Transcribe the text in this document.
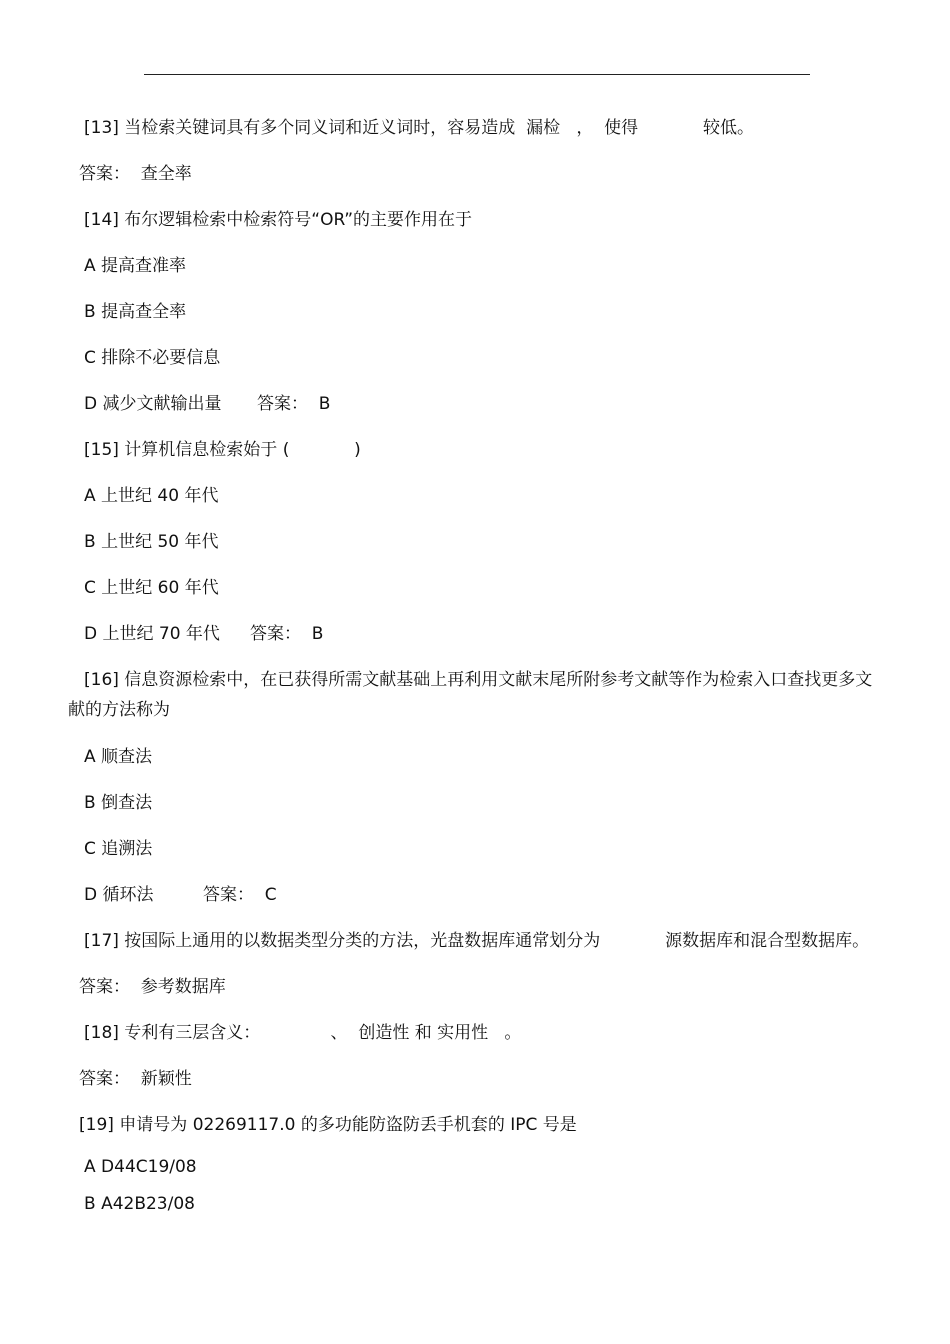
[13] 当检索关键词具有多个同义词和近义词时，容易造成  漏检   ，  使得            较低。

答案：  查全率

[14] 布尔逻辑检索中检索符号“OR”的主要作用在于

A 提高查准率

B 提高查全率

C 排除不必要信息

D 减少文献输出量 答案：  B

[15] 计算机信息检索始于 (            )

A 上世纪 40 年代

B 上世纪 50 年代

C 上世纪 60 年代

D 上世纪 70 年代 答案：  B

[16] 信息资源检索中，在已获得所需文献基础上再利用文献末尾所附参考文献等作为检索入口查找更多文献的方法称为

A 顺查法

B 倒查法

C 追溯法

D 循环法	答案：  C

[17] 按国际上通用的以数据类型分类的方法，光盘数据库通常划分为            源数据库和混合型数据库。

答案：  参考数据库

[18] 专利有三层含义：             、  创造性 和 实用性   。

答案：  新颖性

[19] 申请号为 02269117.0 的多功能防盗防丢手机套的 IPC 号是

A D44C19/08

B A42B23/08
